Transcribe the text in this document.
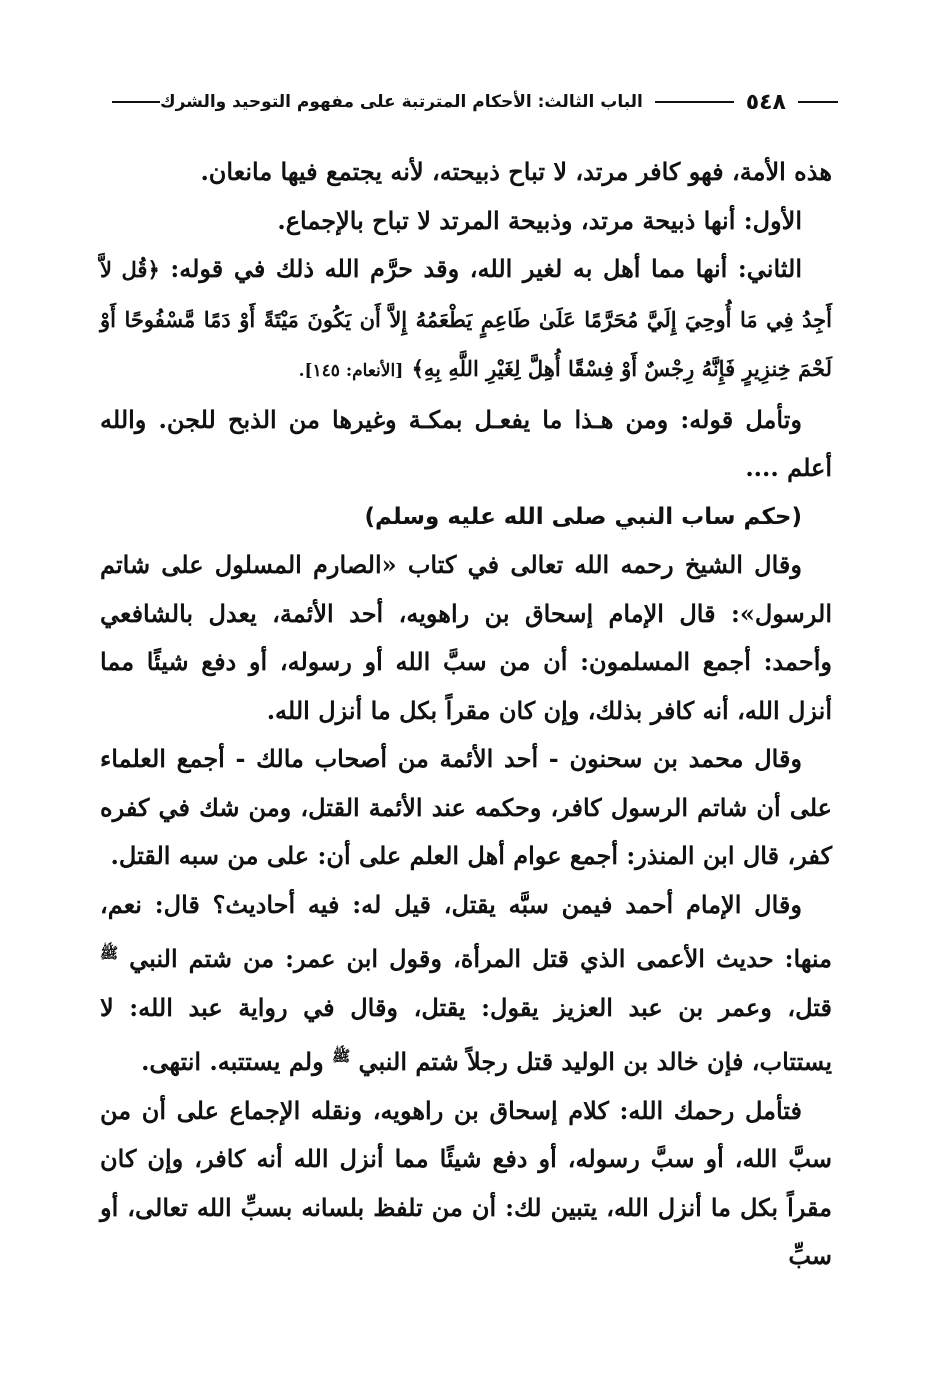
٥٤٨
الباب الثالث: الأحكام المترتبة على مفهوم التوحيد والشرك

هذه الأمة، فهو كافر مرتد، لا تباح ذبيحته، لأنه يجتمع فيها مانعان.

الأول: أنها ذبيحة مرتد، وذبيحة المرتد لا تباح بالإجماع.

الثاني: أنها مما أهل به لغير الله، وقد حرَّم الله ذلك في قوله: ﴿قُل لاَّ أَجِدُ فِي مَا أُوحِيَ إِلَيَّ مُحَرَّمًا عَلَىٰ طَاعِمٍ يَطْعَمُهُ إِلاَّ أَن يَكُونَ مَيْتَةً أَوْ دَمًا مَّسْفُوحًا أَوْ لَحْمَ خِنزِيرٍ فَإِنَّهُ رِجْسٌ أَوْ فِسْقًا أُهِلَّ لِغَيْرِ اللَّهِ بِهِ﴾ [الأنعام: ١٤٥].

وتأمل قوله: ومن هـذا ما يفعـل بمكـة وغيرها من الذبح للجن. والله أعلم ....

(حكم ساب النبي صلى الله عليه وسلم)

وقال الشيخ رحمه الله تعالى في كتاب «الصارم المسلول على شاتم الرسول»: قال الإمام إسحاق بن راهويه، أحد الأئمة، يعدل بالشافعي وأحمد: أجمع المسلمون: أن من سبَّ الله أو رسوله، أو دفع شيئًا مما أنزل الله، أنه كافر بذلك، وإن كان مقراً بكل ما أنزل الله.

وقال محمد بن سحنون - أحد الأئمة من أصحاب مالك - أجمع العلماء على أن شاتم الرسول كافر، وحكمه عند الأئمة القتل، ومن شك في كفره كفر، قال ابن المنذر: أجمع عوام أهل العلم على أن: على من سبه القتل.

وقال الإمام أحمد فيمن سبَّه يقتل، قيل له: فيه أحاديث؟ قال: نعم، منها: حديث الأعمى الذي قتل المرأة، وقول ابن عمر: من شتم النبي $^ﷺ$ قتل، وعمر بن عبد العزيز يقول: يقتل، وقال في رواية عبد الله: لا يستتاب، فإن خالد بن الوليد قتل رجلاً شتم النبي $^ﷺ$ ولم يستتبه. انتهى.

فتأمل رحمك الله: كلام إسحاق بن راهويه، ونقله الإجماع على أن من سبَّ الله، أو سبَّ رسوله، أو دفع شيئًا مما أنزل الله أنه كافر، وإن كان مقراً بكل ما أنزل الله، يتبين لك: أن من تلفظ بلسانه بسبِّ الله تعالى، أو سبِّ
